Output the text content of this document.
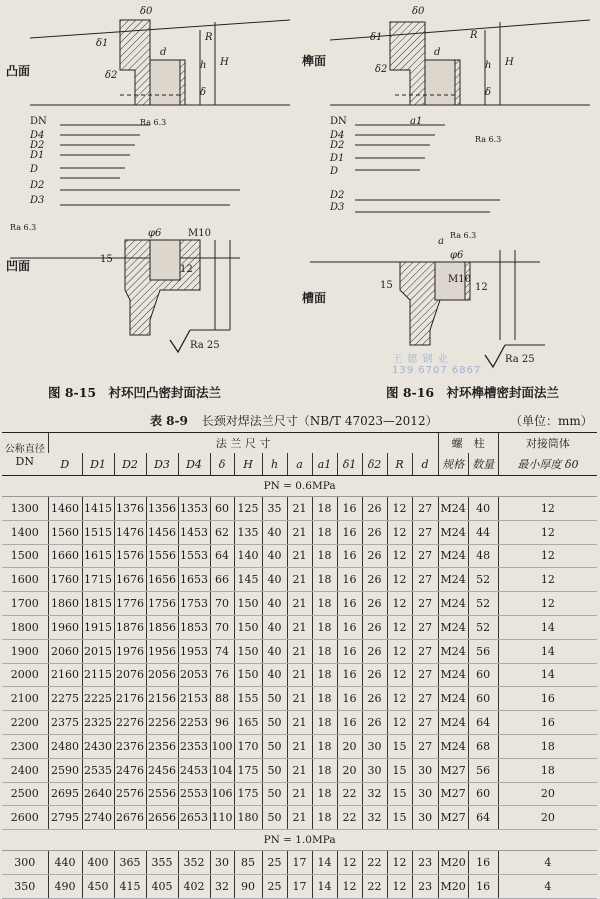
δ0
δ1
R
d
δ2
h
δ
H
DN
D4
D2
D1
D
D2
D3
M10
12
15
φ6
Ra 25
Ra 6.3
Ra 6.3
凸面
凹面
δ0
δ1	R
d
δ2	h
δ
H
DN
D4
D2
D1
D
a1
a
D2
D3
M10
12
15
φ6
Ra 25
Ra 6.3
Ra 6.3
榫面
槽面
图 8-15 衬环凹凸密封面法兰	图 8-16 衬环榫槽密封面法兰
王 德 钢 业
139 6707 6867
表 8-9 长颈对焊法兰尺寸（NB/T 47023—2012）	（单位：mm）
公称直径
DN	法 兰 尺 寸														螺　柱		对接筒体
	D	D1	D2	D3	D4	δ	H	h	a	a1	δ1	δ2	R	d	规格	数量	最小厚度 δ0
PN = 0.6MPa																	
1300	1460	1415	1376	1356	1353	60	125	35	21	18	16	26	12	27	M24	40	12
1400	1560	1515	1476	1456	1453	62	135	40	21	18	16	26	12	27	M24	44	12
1500	1660	1615	1576	1556	1553	64	140	40	21	18	16	26	12	27	M24	48	12
1600	1760	1715	1676	1656	1653	66	145	40	21	18	16	26	12	27	M24	52	12
1700	1860	1815	1776	1756	1753	70	150	40	21	18	16	26	12	27	M24	52	12
1800	1960	1915	1876	1856	1853	70	150	40	21	18	16	26	12	27	M24	52	14
1900	2060	2015	1976	1956	1953	74	150	40	21	18	16	26	12	27	M24	56	14
2000	2160	2115	2076	2056	2053	76	150	40	21	18	16	26	12	27	M24	60	14
2100	2275	2225	2176	2156	2153	88	155	50	21	18	16	26	12	27	M24	60	16
2200	2375	2325	2276	2256	2253	96	165	50	21	18	16	26	12	27	M24	64	16
2300	2480	2430	2376	2356	2353	100	170	50	21	18	20	30	15	27	M24	68	18
2400	2590	2535	2476	2456	2453	104	175	50	21	18	20	30	15	30	M27	56	18
2500	2695	2640	2576	2556	2553	106	175	50	21	18	22	32	15	30	M27	60	20
2600	2795	2740	2676	2656	2653	110	180	50	21	18	22	32	15	30	M27	64	20
PN = 1.0MPa																	
300	440	400	365	355	352	30	85	25	17	14	12	22	12	23	M20	16	4
350	490	450	415	405	402	32	90	25	17	14	12	22	12	23	M20	16	4
